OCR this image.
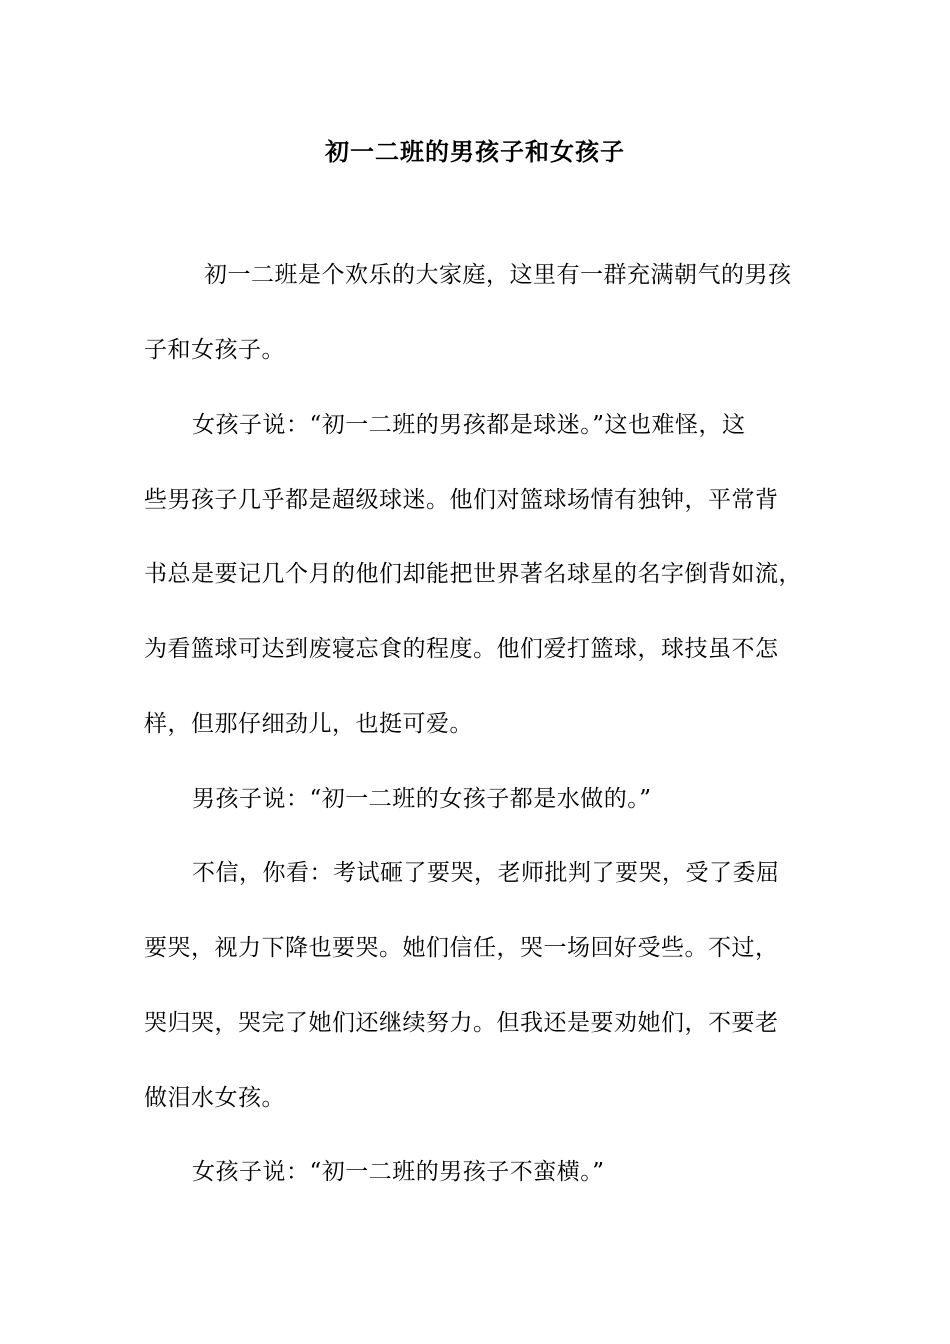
初一二班的男孩子和女孩子
初一二班是个欢乐的大家庭，这里有一群充满朝气的男孩
子和女孩子。
女孩子说：“初一二班的男孩都是球迷。”这也难怪，这
些男孩子几乎都是超级球迷。他们对篮球场情有独钟，平常背
书总是要记几个月的他们却能把世界著名球星的名字倒背如流，
为看篮球可达到废寝忘食的程度。他们爱打篮球，球技虽不怎
样，但那仔细劲儿，也挺可爱。
男孩子说：“初一二班的女孩子都是水做的。”
不信，你看：考试砸了要哭，老师批判了要哭，受了委屈
要哭，视力下降也要哭。她们信任，哭一场回好受些。不过，
哭归哭，哭完了她们还继续努力。但我还是要劝她们，不要老
做泪水女孩。
女孩子说：“初一二班的男孩子不蛮横。”
